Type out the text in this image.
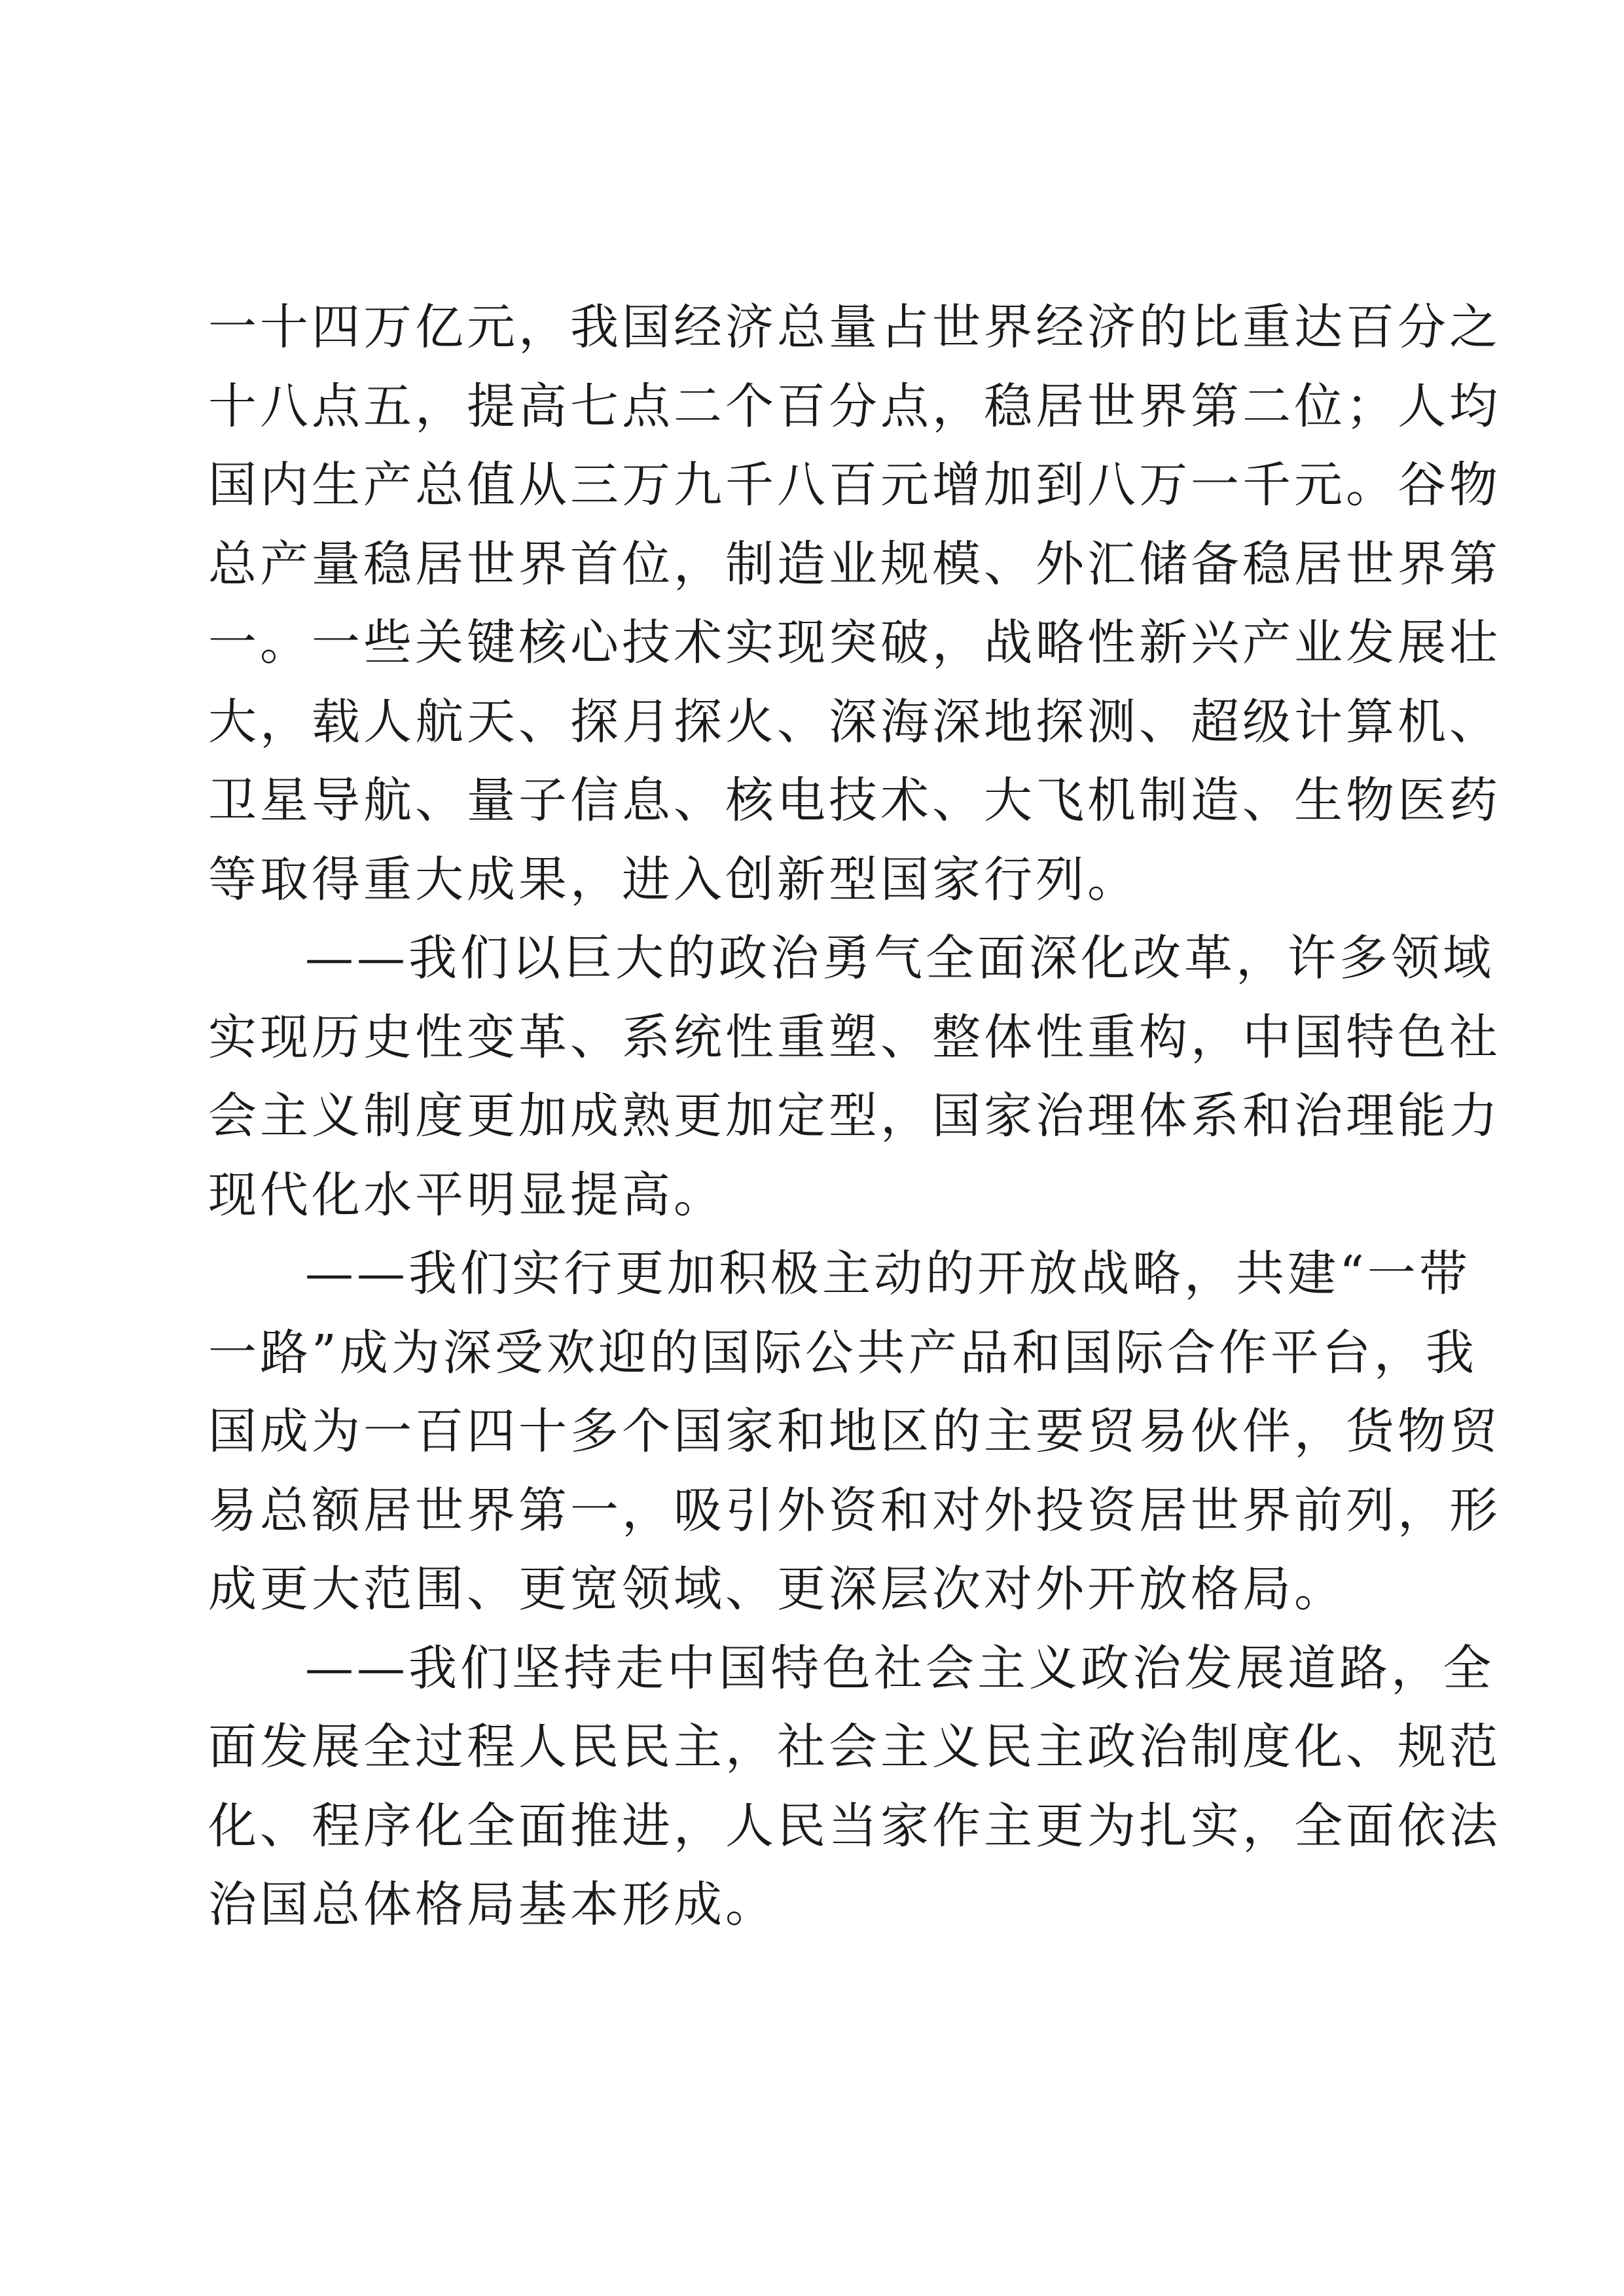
一十四万亿元，我国经济总量占世界经济的比重达百分之
十八点五，提高七点二个百分点，稳居世界第二位；人均
国内生产总值从三万九千八百元增加到八万一千元。谷物
总产量稳居世界首位，制造业规模、外汇储备稳居世界第
一。一些关键核心技术实现突破，战略性新兴产业发展壮
大，载人航天、探月探火、深海深地探测、超级计算机、
卫星导航、量子信息、核电技术、大飞机制造、生物医药
等取得重大成果，进入创新型国家行列。
——我们以巨大的政治勇气全面深化改革，许多领域
实现历史性变革、系统性重塑、整体性重构，中国特色社
会主义制度更加成熟更加定型，国家治理体系和治理能力
现代化水平明显提高。
——我们实行更加积极主动的开放战略，共建“一带
一路”成为深受欢迎的国际公共产品和国际合作平台，我
国成为一百四十多个国家和地区的主要贸易伙伴，货物贸
易总额居世界第一，吸引外资和对外投资居世界前列，形
成更大范围、更宽领域、更深层次对外开放格局。
——我们坚持走中国特色社会主义政治发展道路，全
面发展全过程人民民主，社会主义民主政治制度化、规范
化、程序化全面推进，人民当家作主更为扎实，全面依法
治国总体格局基本形成。
